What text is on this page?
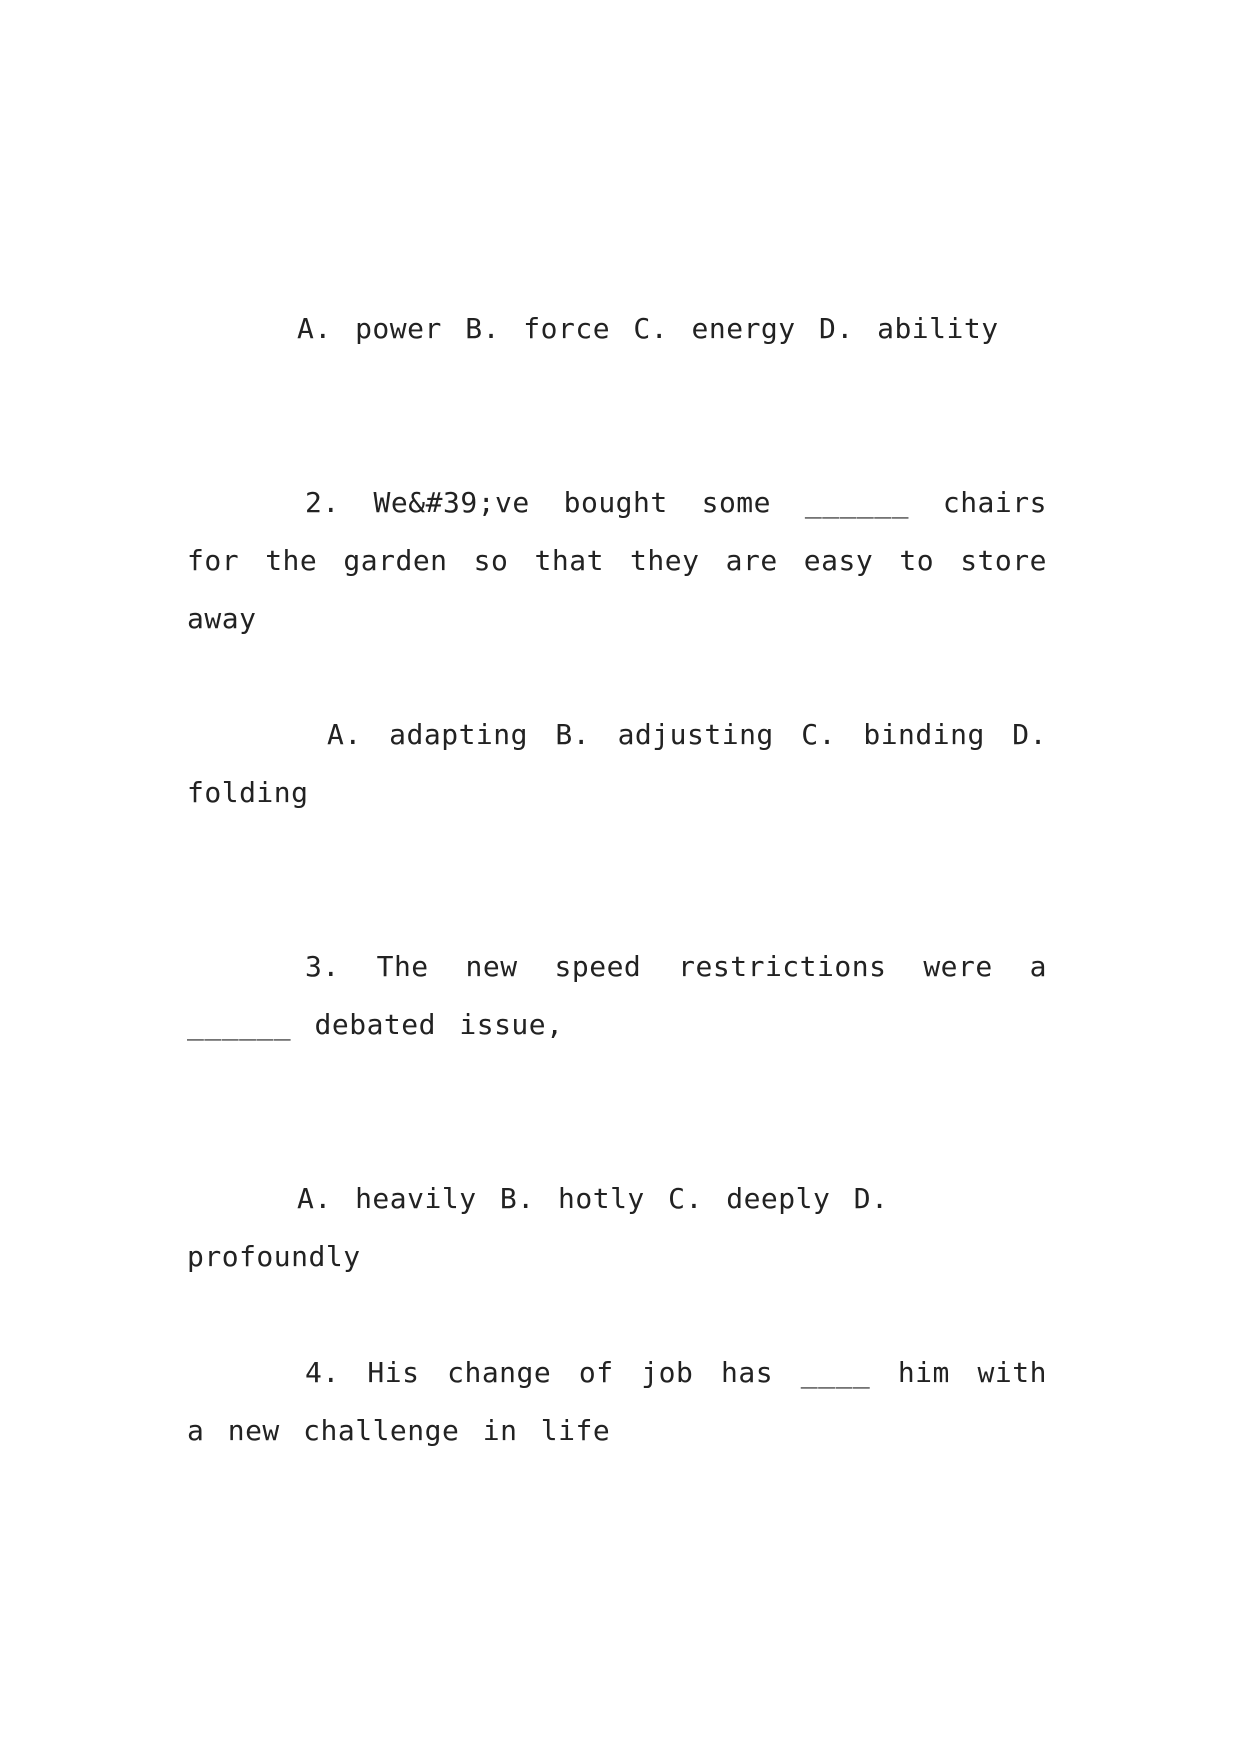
A. power B. force C. energy D. ability

2. We&#39;ve bought some ______ chairs for the garden so that they are easy to store away

A. adapting B. adjusting C. binding D. folding

3. The new speed restrictions were a ______ debated issue,

A. heavily B. hotly C. deeply D. profoundly

4. His change of job has ____ him with a new challenge in life
